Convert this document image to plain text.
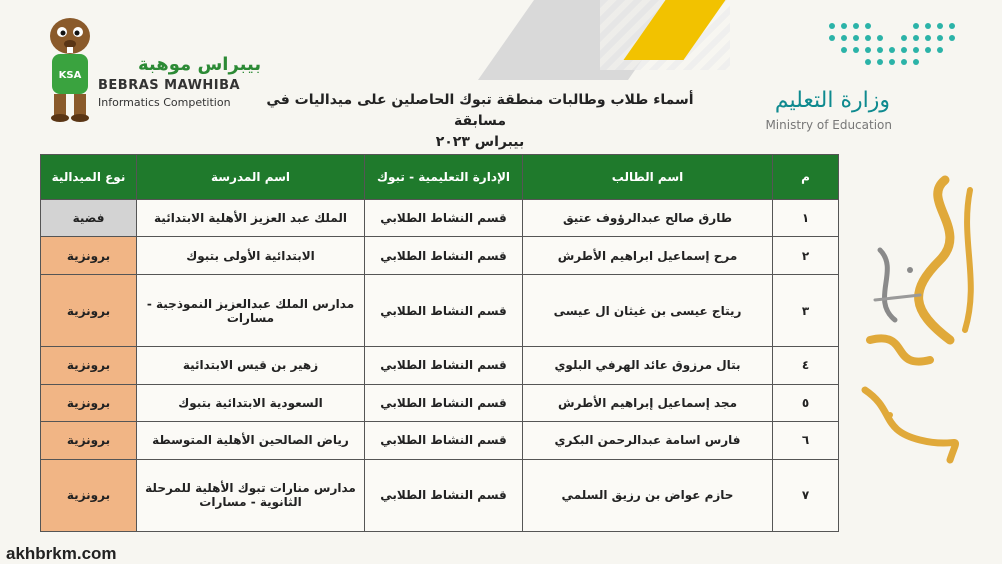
KSA
بيبراس موهبة
BEBRAS MAWHIBA
Informatics Competition	وزارة التعليم
Ministry of Education
أسماء طلاب وطالبات منطقة تبوك الحاصلين على ميداليات في مسابقة
بيبراس ٢٠٢٣
م	اسم الطالب	الإدارة التعليمية - تبوك	اسم المدرسة	نوع الميدالية
١	طارق صالح عبدالرؤوف عتيق	قسم النشاط الطلابي	الملك عبد العزيز الأهلية الابتدائية	فضية
٢	مرح إسماعيل ابراهيم الأطرش	قسم النشاط الطلابي	الابتدائية الأولى بتبوك	برونزية
٣	ريتاج عيسى بن غيثان ال عيسى	قسم النشاط الطلابي	مدارس الملك عبدالعزيز النموذجية - مسارات	برونزية
٤	بتال مرزوق عائد الهرفي البلوي	قسم النشاط الطلابي	زهير بن قيس الابتدائية	برونزية
٥	مجد إسماعيل إبراهيم الأطرش	قسم النشاط الطلابي	السعودية الابتدائية بتبوك	برونزية
٦	فارس اسامة عبدالرحمن البكري	قسم النشاط الطلابي	رياض الصالحين الأهلية المتوسطة	برونزية
٧	حازم عواض بن رزيق السلمي	قسم النشاط الطلابي	مدارس منارات تبوك الأهلية للمرحلة الثانوية - مسارات	برونزية
akhbrkm.com
